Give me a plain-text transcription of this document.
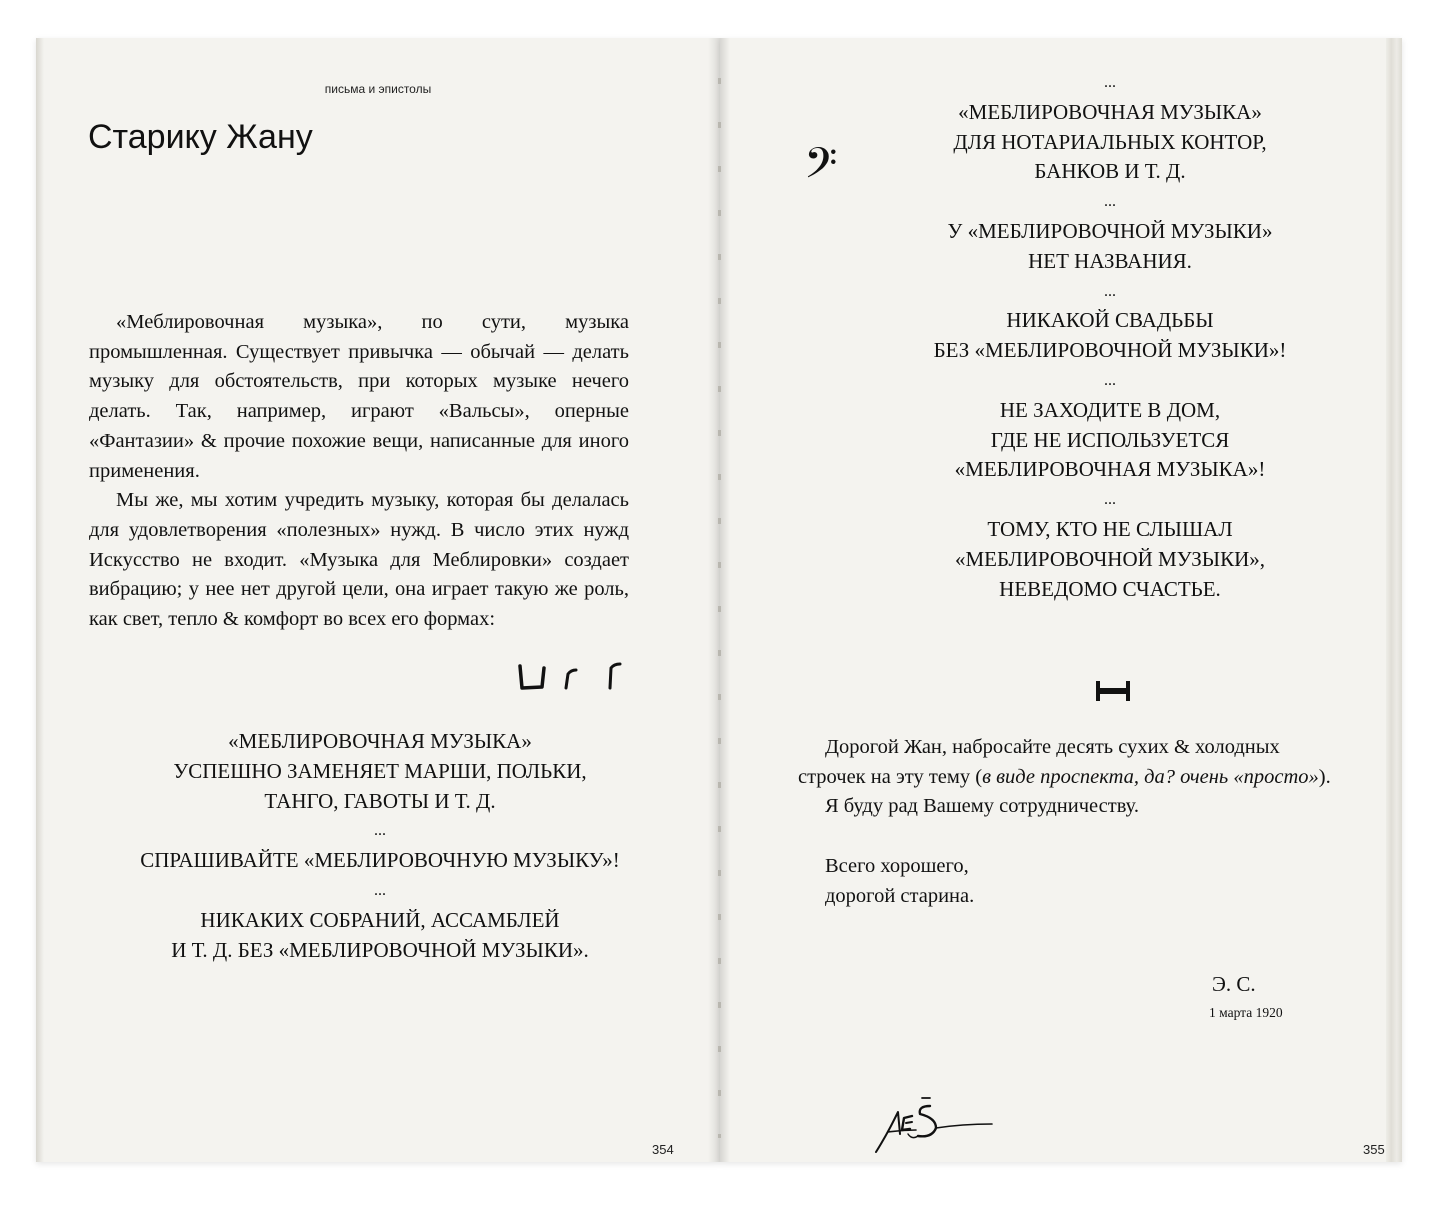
письма и эпистолы
Старику Жану

«Меблировочная музыка», по сути, музыка промышленная. Существует привычка — обычай — делать музыку для обстоятельств, при которых музыке нечего делать. Так, например, играют «Вальсы», оперные «Фантазии» & прочие похожие вещи, написанные для иного применения.

Мы же, мы хотим учредить музыку, которая бы делалась для удовлетворения «полезных» нужд. В число этих нужд Искусство не входит. «Музыка для Меблировки» создает вибрацию; у нее нет другой цели, она играет такую же роль, как свет, тепло & комфорт во всех его формах:

«МЕБЛИРОВОЧНАЯ МУЗЫКА»
УСПЕШНО ЗАМЕНЯЕТ МАРШИ, ПОЛЬКИ,
ТАНГО, ГАВОТЫ И Т. Д.
...
СПРАШИВАЙТЕ «МЕБЛИРОВОЧНУЮ МУЗЫКУ»!
...
НИКАКИХ СОБРАНИЙ, АССАМБЛЕЙ
И Т. Д. БЕЗ «МЕБЛИРОВОЧНОЙ МУЗЫКИ».
354
...
«МЕБЛИРОВОЧНАЯ МУЗЫКА»
ДЛЯ НОТАРИАЛЬНЫХ КОНТОР,
БАНКОВ И Т. Д.
...
У «МЕБЛИРОВОЧНОЙ МУЗЫКИ»
НЕТ НАЗВАНИЯ.
...
НИКАКОЙ СВАДЬБЫ
БЕЗ «МЕБЛИРОВОЧНОЙ МУЗЫКИ»!
...
НЕ ЗАХОДИТЕ В ДОМ,
ГДЕ НЕ ИСПОЛЬЗУЕТСЯ
«МЕБЛИРОВОЧНАЯ МУЗЫКА»!
...
ТОМУ, КТО НЕ СЛЫШАЛ
«МЕБЛИРОВОЧНОЙ МУЗЫКИ»,
НЕВЕДОМО СЧАСТЬЕ.
𝄢

Дорогой Жан, набросайте десять сухих & холодных строчек на эту тему (в виде проспекта, да? очень «просто»).

Я буду рад Вашему сотрудничеству.

Всего хорошего,

дорогой старина.

Э. С.
1 марта 1920
355
